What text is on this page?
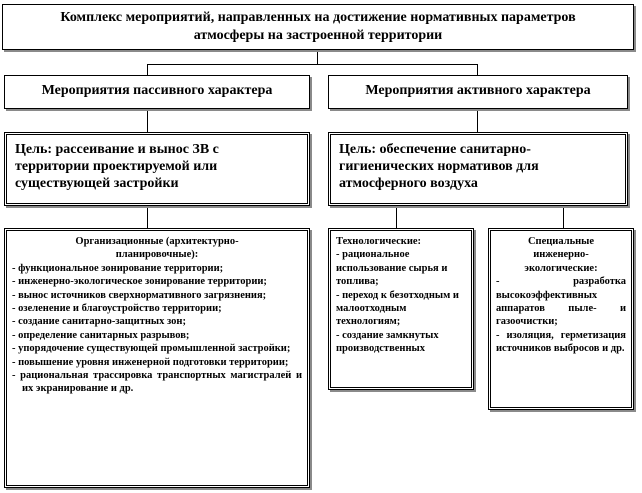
Комплекс мероприятий, направленных на достижение нормативных параметров
атмосферы на застроенной территории
Мероприятия пассивного характера	Мероприятия активного характера
Цель: рассеивание и вынос ЗВ с
территории проектируемой или
существующей застройки
Цель: обеспечение санитарно-
гигиенических нормативов для
атмосферного воздуха
Организационные (архитектурно-
планировочные):
- функциональное зонирование территории;
- инженерно-экологическое зонирование территории;
- вынос источников сверхнормативного загрязнения;
- озеленение и благоустройство территории;
- создание санитарно-защитных зон;
- определение санитарных разрывов;
- упорядочение существующей промышленной застройки;
- повышение уровня инженерной подготовки территории;
- рациональная трассировка транспортных магистралей и их экранирование и др.
Технологические:
- рациональное использование сырья и топлива;
- переход к безотходным и малоотходным технологиям;
- создание замкнутых производственных
Специальные
инженерно-
экологические:
- разработка высокоэффективных аппаратов пыле- и газоочистки;
- изоляция, герметизация источников выбросов и др.
